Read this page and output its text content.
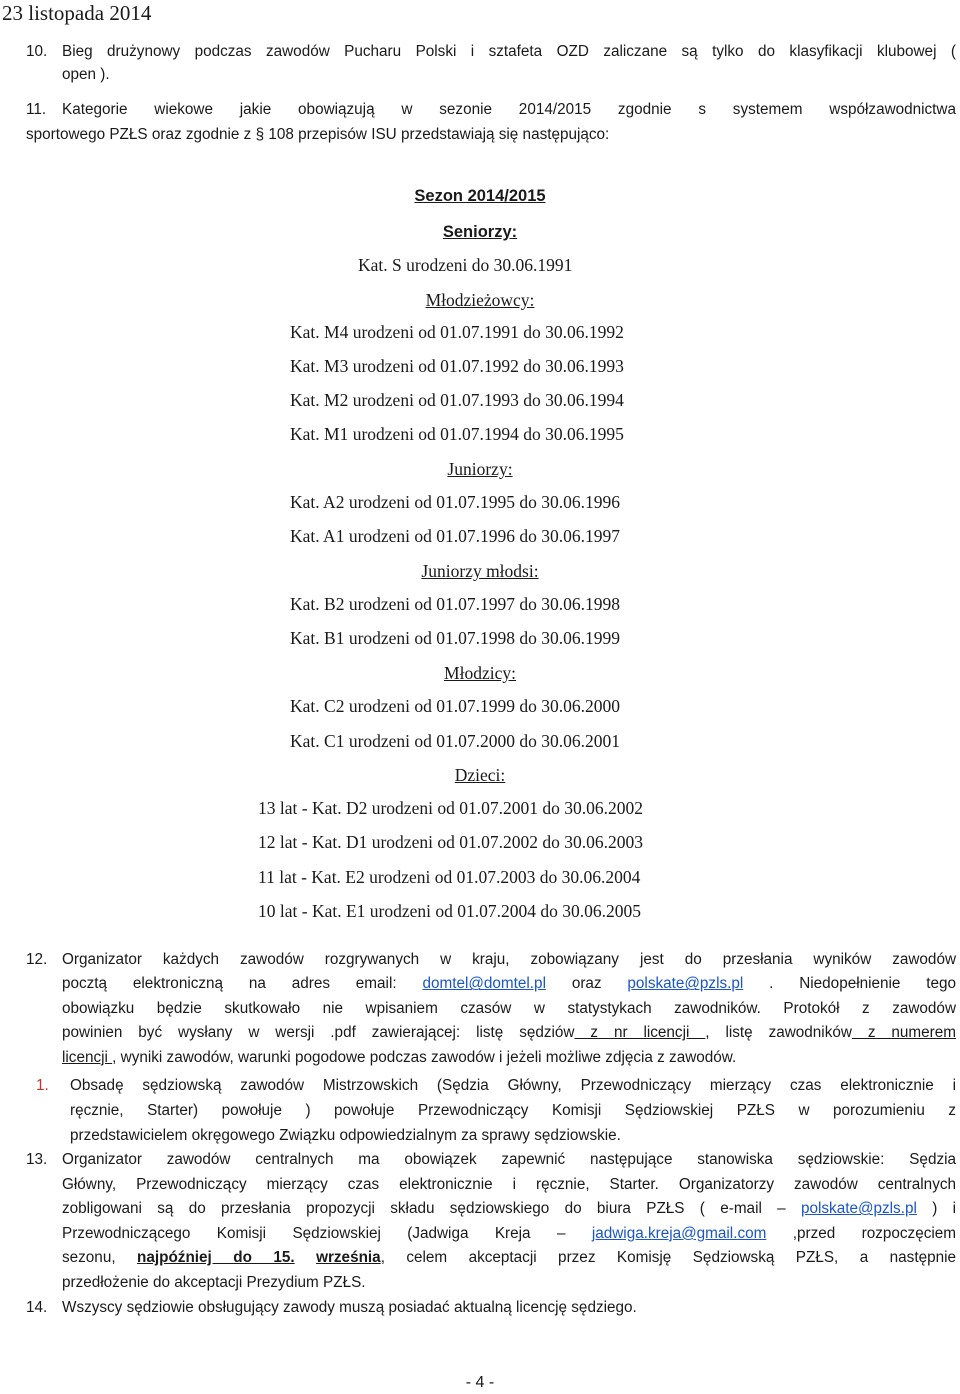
23 listopada 2014
10. Bieg drużynowy podczas zawodów Pucharu Polski i sztafeta OZD zaliczane są tylko do klasyfikacji klubowej (
open ).
11. Kategorie wiekowe jakie obowiązują w sezonie 2014/2015 zgodnie s systemem współzawodnictwa
sportowego PZŁS oraz zgodnie z § 108 przepisów ISU przedstawiają się następująco:
Sezon 2014/2015
Seniorzy:
Kat. S urodzeni do 30.06.1991
Młodzieżowcy:
Kat. M4 urodzeni od 01.07.1991 do 30.06.1992
Kat. M3 urodzeni od 01.07.1992 do 30.06.1993
Kat. M2 urodzeni od 01.07.1993 do 30.06.1994
Kat. M1 urodzeni od 01.07.1994 do 30.06.1995
Juniorzy:
Kat. A2 urodzeni od 01.07.1995 do 30.06.1996
Kat. A1 urodzeni od 01.07.1996 do 30.06.1997
Juniorzy młodsi:
Kat. B2 urodzeni od 01.07.1997 do 30.06.1998
Kat. B1 urodzeni od 01.07.1998 do 30.06.1999
Młodzicy:
Kat. C2 urodzeni od 01.07.1999 do 30.06.2000
Kat. C1 urodzeni od 01.07.2000 do 30.06.2001
Dzieci:
13 lat - Kat. D2 urodzeni od 01.07.2001 do 30.06.2002
12 lat - Kat. D1 urodzeni od 01.07.2002 do 30.06.2003
11 lat - Kat. E2 urodzeni od 01.07.2003 do 30.06.2004
10 lat - Kat. E1 urodzeni od 01.07.2004 do 30.06.2005
12. Organizator każdych zawodów rozgrywanych w kraju, zobowiązany jest do przesłania wyników zawodów
pocztą elektroniczną na adres email: domtel@domtel.pl oraz polskate@pzls.pl . Niedopełnienie tego
obowiązku będzie skutkowało nie wpisaniem czasów w statystykach zawodników. Protokół z zawodów
powinien być wysłany w wersji .pdf zawierającej: listę sędziów z nr licencji , listę zawodników z numerem
licencji , wyniki zawodów, warunki pogodowe podczas zawodów i jeżeli możliwe zdjęcia z zawodów.
1. Obsadę sędziowską zawodów Mistrzowskich (Sędzia Główny, Przewodniczący mierzący czas elektronicznie i
ręcznie, Starter) powołuje ) powołuje Przewodniczący Komisji Sędziowskiej PZŁS w porozumieniu z
przedstawicielem okręgowego Związku odpowiedzialnym za sprawy sędziowskie.
13. Organizator zawodów centralnych ma obowiązek zapewnić następujące stanowiska sędziowskie: Sędzia
Główny, Przewodniczący mierzący czas elektronicznie i ręcznie, Starter. Organizatorzy zawodów centralnych
zobligowani są do przesłania propozycji składu sędziowskiego do biura PZŁS ( e-mail – polskate@pzls.pl ) i
Przewodniczącego Komisji Sędziowskiej (Jadwiga Kreja – jadwiga.kreja@gmail.com ,przed rozpoczęciem
sezonu, najpóźniej do 15. września, celem akceptacji przez Komisję Sędziowską PZŁS, a następnie
przedłożenie do akceptacji Prezydium PZŁS.
14. Wszyscy sędziowie obsługujący zawody muszą posiadać aktualną licencję sędziego.
- 4 -
